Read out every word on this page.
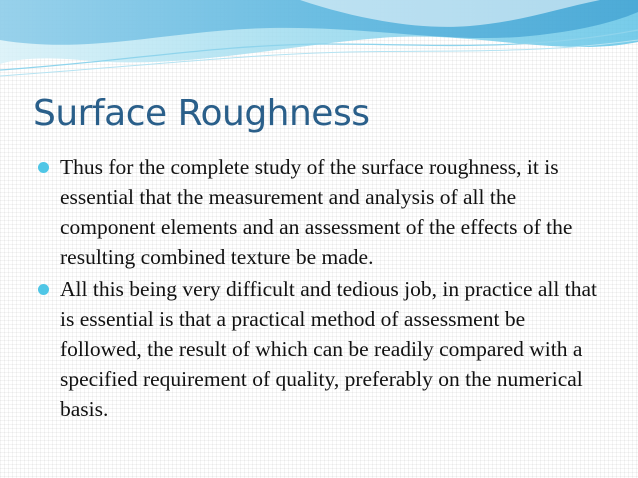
Surface Roughness
Thus for the complete study of the surface roughness, it is essential that the measurement and analysis of all the component elements and an assessment of the effects of the resulting combined texture be made.
All this being very difficult and tedious job, in practice all that is essential is that a practical method of assessment be followed, the result of which can be readily compared with a specified requirement of quality, preferably on the numerical basis.
